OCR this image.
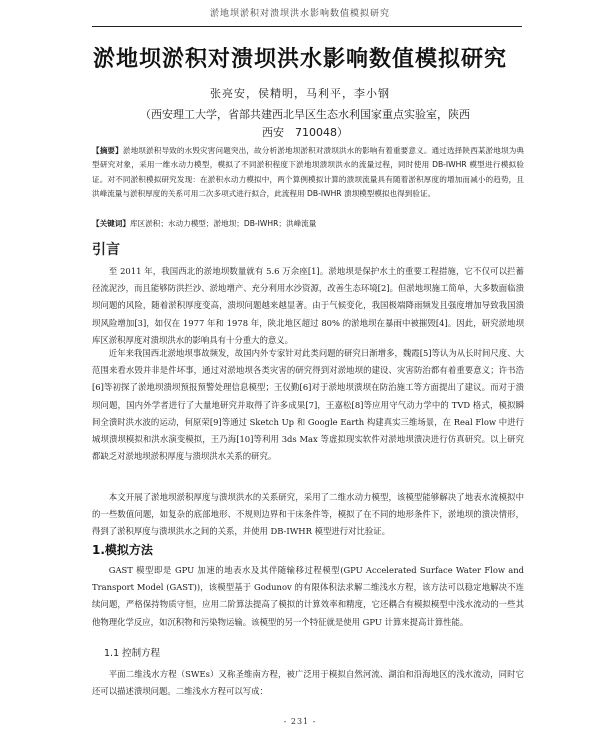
淤地坝淤积对溃坝洪水影响数值模拟研究
淤地坝淤积对溃坝洪水影响数值模拟研究
张亮安，侯精明，马利平，李小钢
（西安理工大学，省部共建西北旱区生态水利国家重点实验室，陕西　西安　710048）
【摘要】淤地坝淤积导致的水毁灾害问题突出，故分析淤地坝淤积对溃坝洪水的影响有着重要意义。通过选择陕西某淤地坝为典型研究对象，采用一维水动力模型，模拟了不同淤积程度下淤地坝溃坝洪水的流量过程，同时使用 DB-IWHR 模型进行模拟验证。对不同淤积模拟研究发现：在淤积水动力模拟中，两个算例模拟计算的溃坝流量具有随着淤积厚度的增加而减小的趋势，且洪峰流量与淤积厚度的关系可用二次多项式进行拟合，此流程用 DB-IWHR 溃坝模型模拟也得到验证。
【关键词】库区淤积；水动力模型；淤地坝；DB-IWHR；洪峰流量
引言

至 2011 年，我国西北的淤地坝数量就有 5.6 万余座[1]。淤地坝是保护水土的重要工程措施，它不仅可以拦蓄径流泥沙，而且能够防洪拦沙、淤地增产、充分利用水沙资源，改善生态环境[2]。但淤地坝施工简单，大多数面临溃坝问题的风险，随着淤积厚度变高，溃坝问题越来越显著。由于气候变化，我国极端降雨频发且强度增加导致我国溃坝风险增加[3]，如仅在 1977 年和 1978 年，陕北地区超过 80% 的淤地坝在暴雨中被摧毁[4]。因此，研究淤地坝库区淤积厚度对溃坝洪水的影响具有十分重大的意义。

近年来我国西北淤地坝事故频发，故国内外专家针对此类问题的研究日渐增多，魏霞[5]等认为从长时间尺度、大范围来看水毁并非是件坏事，通过对淤地坝各类灾害的研究得到对淤地坝的建设、灾害防治都有着重要意义；许书浩[6]等初探了淤地坝溃坝预报预警处理信息模型；王仪勤[6]对于淤地坝溃坝在防治施工等方面提出了建议。而对于溃坝问题，国内外学者进行了大量地研究并取得了许多成果[7]，王嘉松[8]等应用守气动力学中的 TVD 格式，模拟瞬间全溃时洪水波的运动，何原荣[9]等通过 Sketch Up 和 Google Earth 构建真实三维场景，在 Real Flow 中进行城坝溃坝模拟和洪水演变模拟，王乃海[10]等利用 3ds Max 等虚拟现实软件对淤地坝溃决进行仿真研究。以上研究都缺乏对淤地坝淤积厚度与溃坝洪水关系的研究。

本文开展了淤地坝淤积厚度与溃坝洪水的关系研究，采用了二维水动力模型，该模型能够解决了地表水流模拟中的一些数值问题，如复杂的底部地形、不规则边界和干床条件等，模拟了在不同的地形条件下，淤地坝的溃决情形，得到了淤积厚度与溃坝洪水之间的关系，并使用 DB-IWHR 模型进行对比验证。

1.模拟方法

GAST 模型即是 GPU 加速的地表水及其伴随输移过程模型(GPU Accelerated Surface Water Flow and Transport Model (GAST))，该模型基于 Godunov 的有限体积法求解二维浅水方程，该方法可以稳定地解决不连续问题，严格保持物质守恒，应用二阶算法提高了模拟的计算效率和精度，它还耦合有模拟模型中浅水流动的一些其他物理化学反应，如沉积物和污染物运输。该模型的另一个特征就是使用 GPU 计算来提高计算性能。

1.1 控制方程

平面二维浅水方程（SWEs）又称圣维南方程，被广泛用于模拟自然河流、湖泊和沿海地区的浅水流动，同时它还可以描述溃坝问题。二维浅水方程可以写成：

- 231 -
